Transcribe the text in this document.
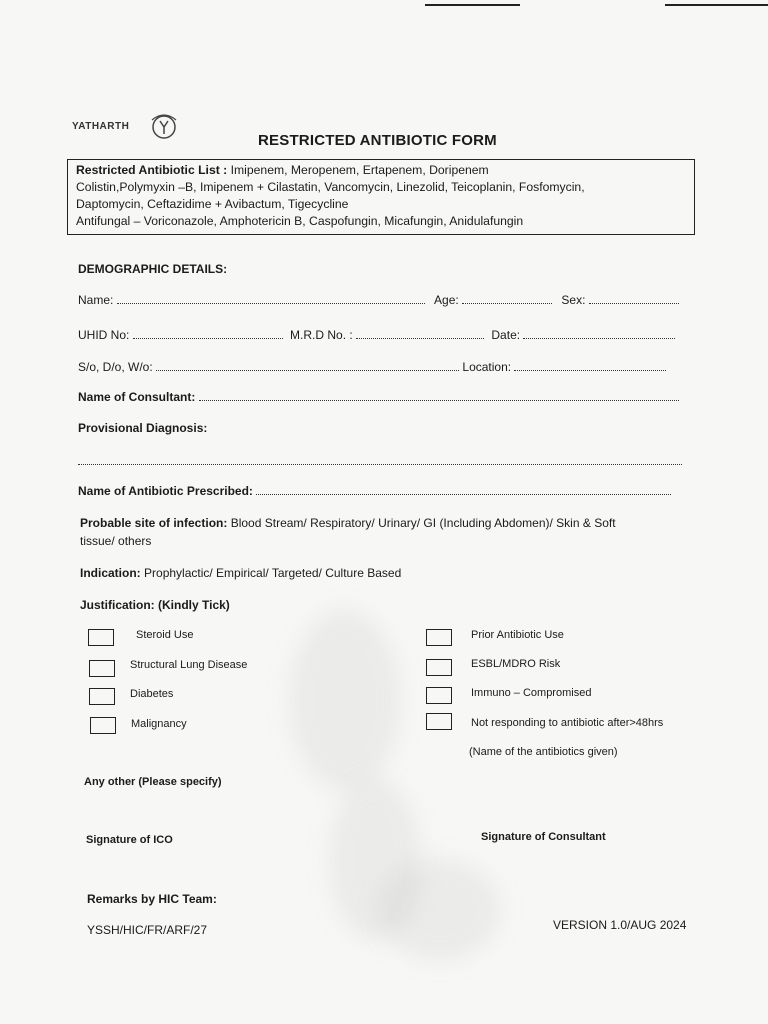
YATHARTH
RESTRICTED ANTIBIOTIC FORM
Restricted Antibiotic List : Imipenem, Meropenem, Ertapenem, Doripenem
Colistin,Polymyxin –B, Imipenem + Cilastatin, Vancomycin, Linezolid, Teicoplanin, Fosfomycin,
Daptomycin, Ceftazidime + Avibactum, Tigecycline
Antifungal – Voriconazole, Amphotericin B, Caspofungin, Micafungin, Anidulafungin
DEMOGRAPHIC DETAILS:
Name:	Age:	Sex:
UHID No:	M.R.D No. :	Date:
S/o, D/o, W/o:	Location:
Name of Consultant:
Provisional Diagnosis:
Name of Antibiotic Prescribed:
Probable site of infection: Blood Stream/ Respiratory/ Urinary/ GI (Including Abdomen)/ Skin & Soft
tissue/ others
Indication: Prophylactic/ Empirical/ Targeted/ Culture Based
Justification: (Kindly Tick)
Steroid Use
Structural Lung Disease
Diabetes
Malignancy
Prior Antibiotic Use
ESBL/MDRO Risk
Immuno – Compromised
Not responding to antibiotic after>48hrs
(Name of the antibiotics given)
Any other (Please specify)
Signature of ICO	Signature of Consultant
Remarks by HIC Team:
YSSH/HIC/FR/ARF/27	VERSION 1.0/AUG 2024
